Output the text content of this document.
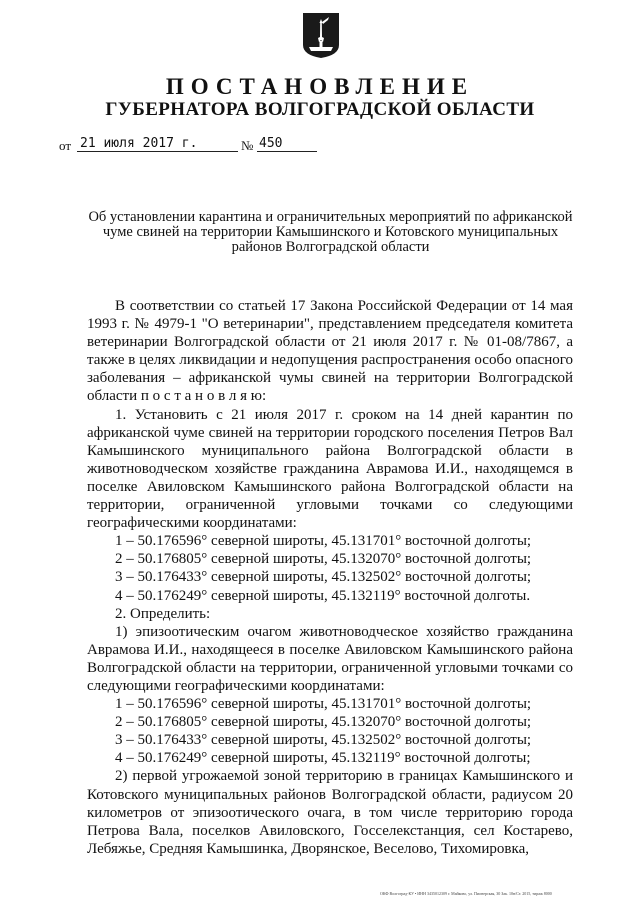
ПОСТАНОВЛЕНИЕ
ГУБЕРНАТОРА ВОЛГОГРАДСКОЙ ОБЛАСТИ
от 21 июля 2017 г.	№ 450
Об установлении карантина и ограничительных мероприятий по африканской чуме свиней на территории Камышинского и Котовского муниципальных районов Волгоградской области

В соответствии со статьей 17 Закона Российской Федерации от 14 мая 1993 г. № 4979-1 "О ветеринарии", представлением председателя комитета ветеринарии Волгоградской области от 21 июля 2017 г. № 01-08/7867, а также в целях ликвидации и недопущения распространения особо опасного заболевания – африканской чумы свиней на территории Волгоградской области п о с т а н о в л я ю:

1. Установить с 21 июля 2017 г. сроком на 14 дней карантин по африканской чуме свиней на территории городского поселения Петров Вал Камышинского муниципального района Волгоградской области в животноводческом хозяйстве гражданина Аврамова И.И., находящемся в поселке Авиловском Камышинского района Волгоградской области на территории, ограниченной угловыми точками со следующими географическими координатами:

1 – 50.176596° северной широты, 45.131701° восточной долготы;

2 – 50.176805° северной широты, 45.132070° восточной долготы;

3 – 50.176433° северной широты, 45.132502° восточной долготы;

4 – 50.176249° северной широты, 45.132119° восточной долготы.

2. Определить:

1) эпизоотическим очагом животноводческое хозяйство гражданина Аврамова И.И., находящееся в поселке Авиловском Камышинского района Волгоградской области на территории, ограниченной угловыми точками со следующими географическими координатами:

1 – 50.176596° северной широты, 45.131701° восточной долготы;

2 – 50.176805° северной широты, 45.132070° восточной долготы;

3 – 50.176433° северной широты, 45.132502° восточной долготы;

4 – 50.176249° северной широты, 45.132119° восточной долготы;

2) первой угрожаемой зоной территорию в границах Камышинского и Котовского муниципальных районов Волгоградской области, радиусом 20 километров от эпизоотического очага, в том числе территорию города Петрова Вала, поселков Авиловского, Госселекстанция, сел Костарево, Лебяжье, Средняя Камышинка, Дворянское, Веселово, Тихомировка,

ОКФ Волгоград-КУ • ИНН 3435012309 г. Майково, ул. Пионерская, 30 Зак. 10н/Ст. 2015, тираж 8000
